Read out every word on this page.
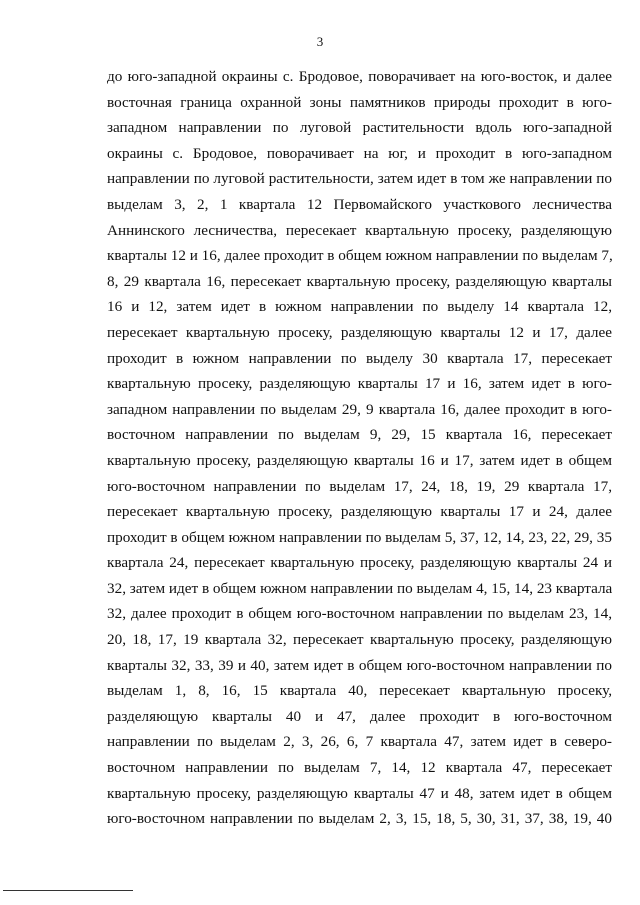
3
до юго-западной окраины с. Бродовое, поворачивает на юго-восток, и далее
восточная граница охранной зоны памятников природы проходит в юго-
западном направлении по луговой растительности вдоль юго-западной
окраины с. Бродовое, поворачивает на юг, и проходит в юго-западном
направлении по луговой растительности, затем идет в том же направлении по
выделам 3, 2, 1 квартала 12 Первомайского участкового лесничества
Аннинского лесничества, пересекает квартальную просеку, разделяющую
кварталы 12 и 16, далее проходит в общем южном направлении по выделам 7,
8, 29 квартала 16, пересекает квартальную просеку, разделяющую кварталы
16 и 12, затем идет в южном направлении по выделу 14 квартала 12,
пересекает квартальную просеку, разделяющую кварталы 12 и 17, далее
проходит в южном направлении по выделу 30 квартала 17, пересекает
квартальную просеку, разделяющую кварталы 17 и 16, затем идет в юго-
западном направлении по выделам 29, 9 квартала 16, далее проходит в юго-
восточном направлении по выделам 9, 29, 15 квартала 16, пересекает
квартальную просеку, разделяющую кварталы 16 и 17, затем идет в общем
юго-восточном направлении по выделам 17, 24, 18, 19, 29 квартала 17,
пересекает квартальную просеку, разделяющую кварталы 17 и 24, далее
проходит в общем южном направлении по выделам 5, 37, 12, 14, 23, 22, 29, 35
квартала 24, пересекает квартальную просеку, разделяющую кварталы 24 и
32, затем идет в общем южном направлении по выделам 4, 15, 14, 23 квартала
32, далее проходит в общем юго-восточном направлении по выделам 23, 14,
20, 18, 17, 19 квартала 32, пересекает квартальную просеку, разделяющую
кварталы 32, 33, 39 и 40, затем идет в общем юго-восточном направлении по
выделам 1, 8, 16, 15 квартала 40, пересекает квартальную просеку,
разделяющую кварталы 40 и 47, далее проходит в юго-восточном
направлении по выделам 2, 3, 26, 6, 7 квартала 47, затем идет в северо-
восточном направлении по выделам 7, 14, 12 квартала 47, пересекает
квартальную просеку, разделяющую кварталы 47 и 48, затем идет в общем
юго-восточном направлении по выделам 2, 3, 15, 18, 5, 30, 31, 37, 38, 19, 40
